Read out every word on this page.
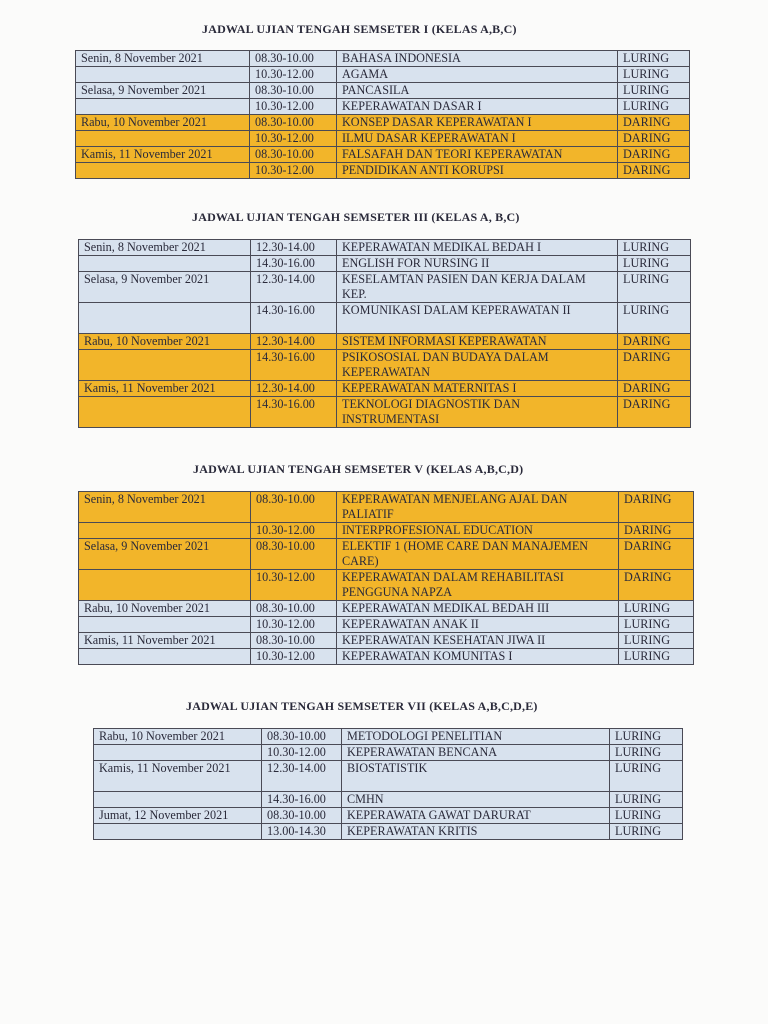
JADWAL UJIAN TENGAH SEMSETER I (KELAS A,B,C)
Senin, 8 November 2021	08.30-10.00	BAHASA INDONESIA	LURING
	10.30-12.00	AGAMA	LURING
Selasa, 9 November 2021	08.30-10.00	PANCASILA	LURING
	10.30-12.00	KEPERAWATAN DASAR I	LURING
Rabu, 10 November 2021	08.30-10.00	KONSEP DASAR KEPERAWATAN I	DARING
	10.30-12.00	ILMU DASAR KEPERAWATAN I	DARING
Kamis, 11 November 2021	08.30-10.00	FALSAFAH DAN TEORI KEPERAWATAN	DARING
	10.30-12.00	PENDIDIKAN ANTI KORUPSI	DARING
JADWAL UJIAN TENGAH SEMSETER III (KELAS A, B,C)
Senin, 8 November 2021	12.30-14.00	KEPERAWATAN MEDIKAL BEDAH I	LURING
	14.30-16.00	ENGLISH FOR NURSING II	LURING
Selasa, 9 November 2021	12.30-14.00	KESELAMTAN PASIEN DAN KERJA DALAM KEP.	LURING
	14.30-16.00	KOMUNIKASI DALAM KEPERAWATAN II	LURING
Rabu, 10 November 2021	12.30-14.00	SISTEM INFORMASI KEPERAWATAN	DARING
	14.30-16.00	PSIKOSOSIAL DAN BUDAYA DALAM KEPERAWATAN	DARING
Kamis, 11 November 2021	12.30-14.00	KEPERAWATAN MATERNITAS I	DARING
	14.30-16.00	TEKNOLOGI DIAGNOSTIK DAN INSTRUMENTASI	DARING
JADWAL UJIAN TENGAH SEMSETER V (KELAS A,B,C,D)
Senin, 8 November 2021	08.30-10.00	KEPERAWATAN MENJELANG AJAL DAN PALIATIF	DARING
	10.30-12.00	INTERPROFESIONAL EDUCATION	DARING
Selasa, 9 November 2021	08.30-10.00	ELEKTIF 1 (HOME CARE DAN MANAJEMEN CARE)	DARING
	10.30-12.00	KEPERAWATAN DALAM REHABILITASI PENGGUNA NAPZA	DARING
Rabu, 10 November 2021	08.30-10.00	KEPERAWATAN MEDIKAL BEDAH III	LURING
	10.30-12.00	KEPERAWATAN ANAK II	LURING
Kamis, 11 November 2021	08.30-10.00	KEPERAWATAN KESEHATAN JIWA II	LURING
	10.30-12.00	KEPERAWATAN KOMUNITAS I	LURING
JADWAL UJIAN TENGAH SEMSETER VII (KELAS A,B,C,D,E)
Rabu, 10 November 2021	08.30-10.00	METODOLOGI PENELITIAN	LURING
	10.30-12.00	KEPERAWATAN BENCANA	LURING
Kamis, 11 November 2021	12.30-14.00	BIOSTATISTIK	LURING
	14.30-16.00	CMHN	LURING
Jumat, 12 November 2021	08.30-10.00	KEPERAWATA GAWAT DARURAT	LURING
	13.00-14.30	KEPERAWATAN KRITIS	LURING
